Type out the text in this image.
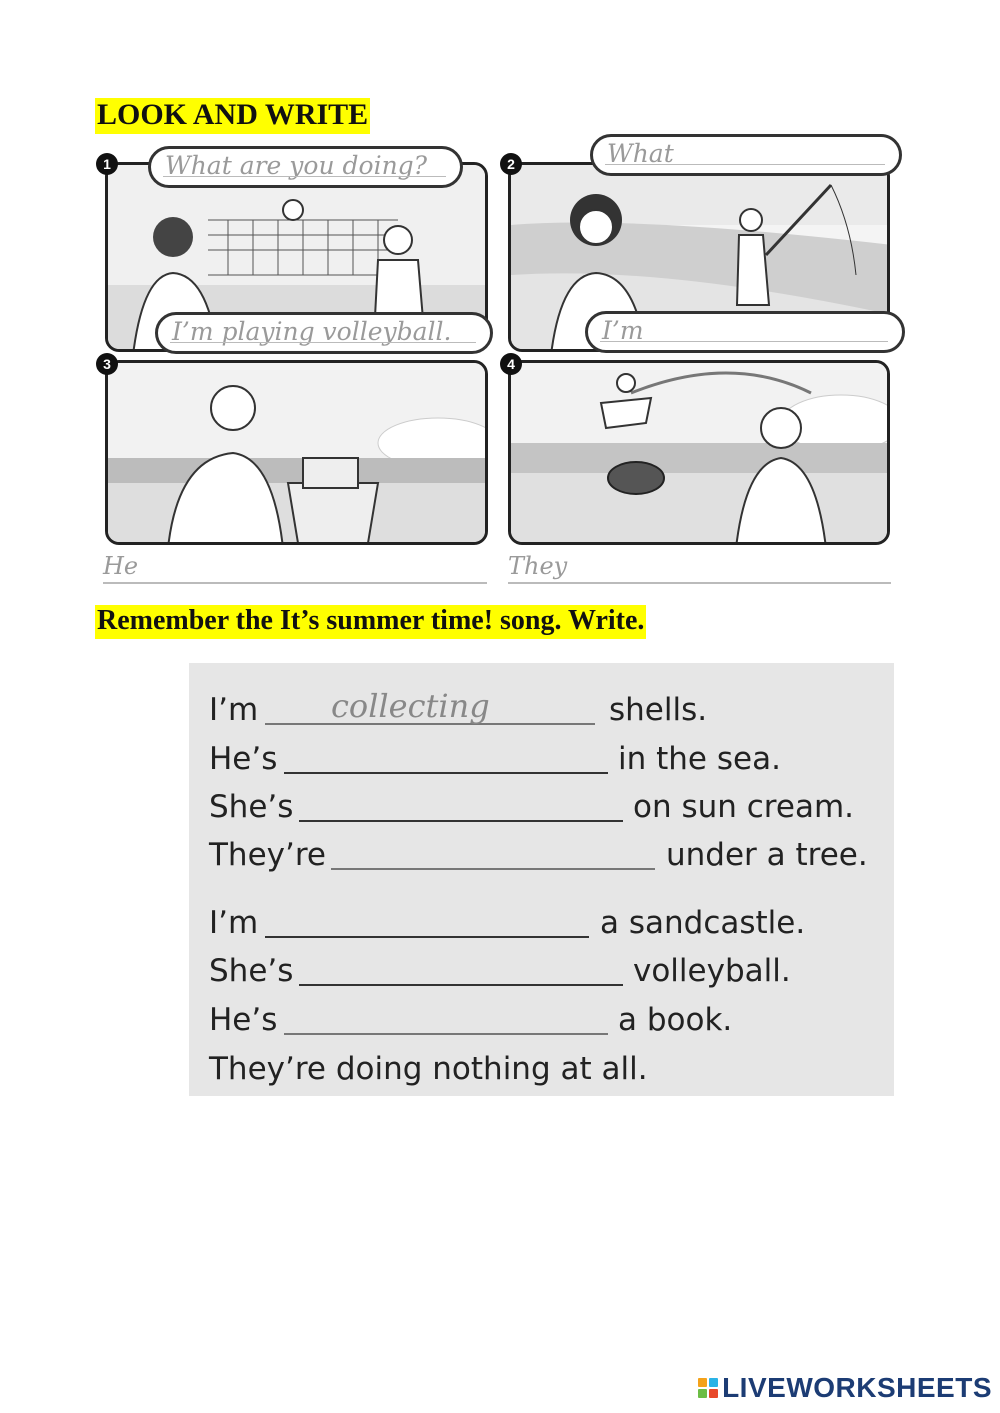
LOOK AND WRITE
1	What are you doing?
I’m playing volleyball.
2	What
I’m
3
He
4
They
Remember the It’s summer time! song. Write.
I’m collecting	shells.
He’s	in the sea.
She’s	on sun cream.
They’re	under a tree.
I’m	a sandcastle.
She’s	volleyball.
He’s	a book.
They’re doing nothing at all.
LIVEWORKSHEETS
